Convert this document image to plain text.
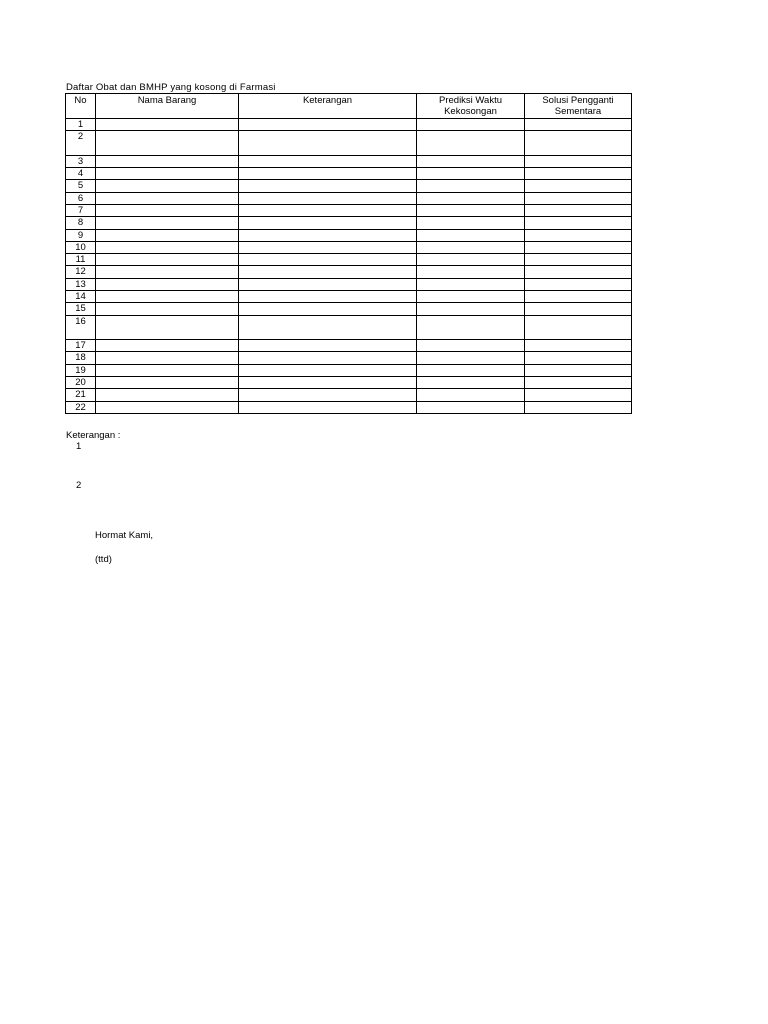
Daftar Obat dan BMHP yang kosong di Farmasi
No	Nama Barang	Keterangan	Prediksi Waktu Kekosongan	Solusi Pengganti Sementara
1				
2				
3				
4				
5				
6				
7				
8				
9				
10				
11				
12				
13				
14				
15				
16				
17				
18				
19				
20				
21				
22				
Keterangan :
1
2
Hormat Kami,
(ttd)
